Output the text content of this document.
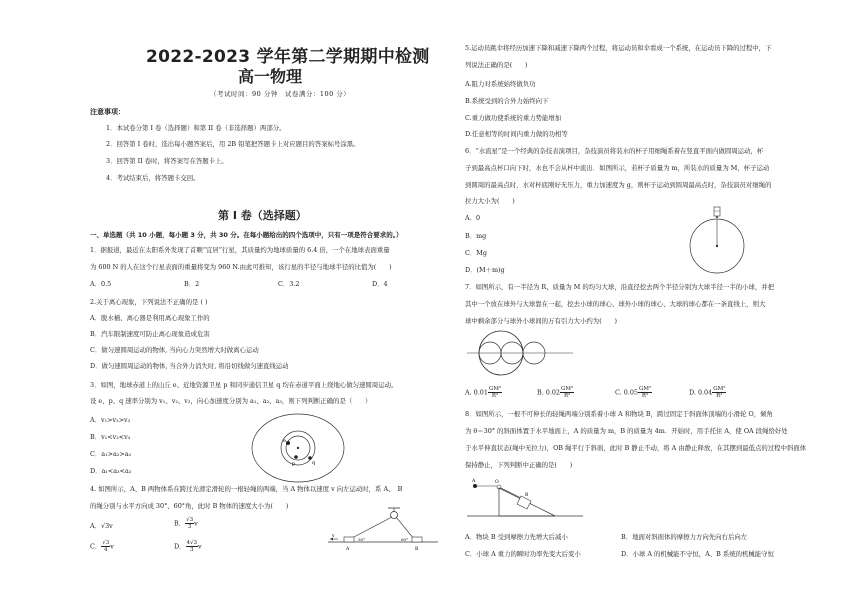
2022-2023 学年第二学期期中检测
高一物理
（考试时间：90 分钟　试卷满分：100 分）
注意事项：
1．本试卷分第 I 卷（选择题）和第 II 卷（非选择题）两部分。
2．回答第 I 卷时，选出每小题答案后，用 2B 铅笔把答题卡上对应题目的答案标号涂黑。
3．回答第 II 卷时，将答案写在答题卡上。
4．考试结束后，将答题卡交回。
第 I 卷（选择题）
一、单选题（共 10 小题，每小题 3 分，共 30 分。在每小题给出的四个选项中，只有一项是符合要求的。）
1．据报道，最近在太阳系外发现了首颗“宜居”行星，其质量约为地球质量的 6.4 倍，一个在地球表面重量
为 600 N 的人在这个行星表面的重量将变为 960 N.由此可推知，该行星的半径与地球半径的比值为(　　)
A．0.5	B．2	C．3.2	D．4
2.关于离心现象，下列说法不正确的是 ( )
A．脱水桶、离心器是利用离心现象工作的
B．汽车限制速度可防止离心现象造成危害
C．做匀速圆周运动的物体, 当向心力突然增大时做离心运动
D．做匀速圆周运动的物体, 当合外力消失时, 将沿切线做匀速直线运动
3．如图，地球赤道上的山丘 e、近地资源卫星 p 和同步通信卫星 q 均在赤道平面上绕地心做匀速圆周运动。
设 e、p、q 速率分别为 v₁、v₂、v₃，向心加速度分别为 a₁、a₂、a₃，则下列判断正确的是（　　）
A．v₁>v₂>v₃
B．v₁<v₂<v₃
C．a₁>a₂>a₃
D．a₁<a₃<a₂
e
p	q
4. 如图所示，A、B 两物体系在跨过光滑定滑轮的一根轻绳的两端，当 A 物体以速度 v 向左运动时，系 A、　B
的绳分别与水平方向成 30°、60°角，此时 B 物体的速度大小为(　　)
A．√3v	B． $\frac{√3}{3}$ v
C． $\frac{√3}{4}$ v	D． $\frac{4√3}{3}$ v	A	B
v
30°	60°
5.运动员跳伞将经历加速下降和减速下降两个过程，将运动员和伞看成一个系统，在运动员下降的过程中，下
列说法正确的是(　　)
A.阻力对系统始终做负功
B.系统受到的合外力始终向下
C.重力做功使系统的重力势能增加
D.任意相等的时间内重力做的功相等
6．“水流星”是一个经典的杂技表演项目，杂技演员将装水的杯子用细绳系着在竖直平面内做圆周运动，杯
子到最高点杯口向下时，水也不会从杯中流出．如图所示，若杯子质量为 m，所装水的质量为 M，杯子运动
到圆周的最高点时，水对杯底刚好无压力，重力加速度为 g，则杯子运动到圆周最高点时，杂技演员对细绳的
拉力大小为(　　)
A．0
B．mg
C．Mg
D．(M＋m)g
7．如图所示，有一半径为 R、质量为 M 的均匀大球，沿直径挖去两个半径分别为大球半径一半的小球，并把
其中一个放在球外与大球靠在一起，挖去小球的球心、球外小球的球心、大球的球心都在一条直线上，则大
球中剩余部分与球外小球间的万有引力大小约为(　　)
A. $0.01 \frac{\text{GM²}}{\text{R²}}$	B. $0.02 \frac{\text{GM²}}{\text{R²}}$	C. $0.05 \frac{\text{GM²}}{\text{R²}}$	D. $0.04 \frac{\text{GM²}}{\text{R²}}$
8．如图所示，一根不可伸长的轻绳两端分别系着小球 A 和物块 B，跨过固定于斜面体顶端的小滑轮 O，倾角
为 θ＝30° 的斜面体置于水平地面上，A 的质量为 m，B 的质量为 4m．开始时，用手托住 A，使 OA 段绳恰好处
于水平伸直状态(绳中无拉力)，OB 绳平行于斜面，此时 B 静止不动，将 A 由静止释放，在其摆到最低点的过程中斜面体
保持静止，下列判断中正确的是(　　)
A
B
O
A．物块 B 受到摩擦力先增大后减小	B．地面对斜面体的摩擦力方向先向右后向左
C．小球 A 重力的瞬时功率先变大后变小	D．小球 A 的机械能不守恒，A、B 系统的机械能守恒
